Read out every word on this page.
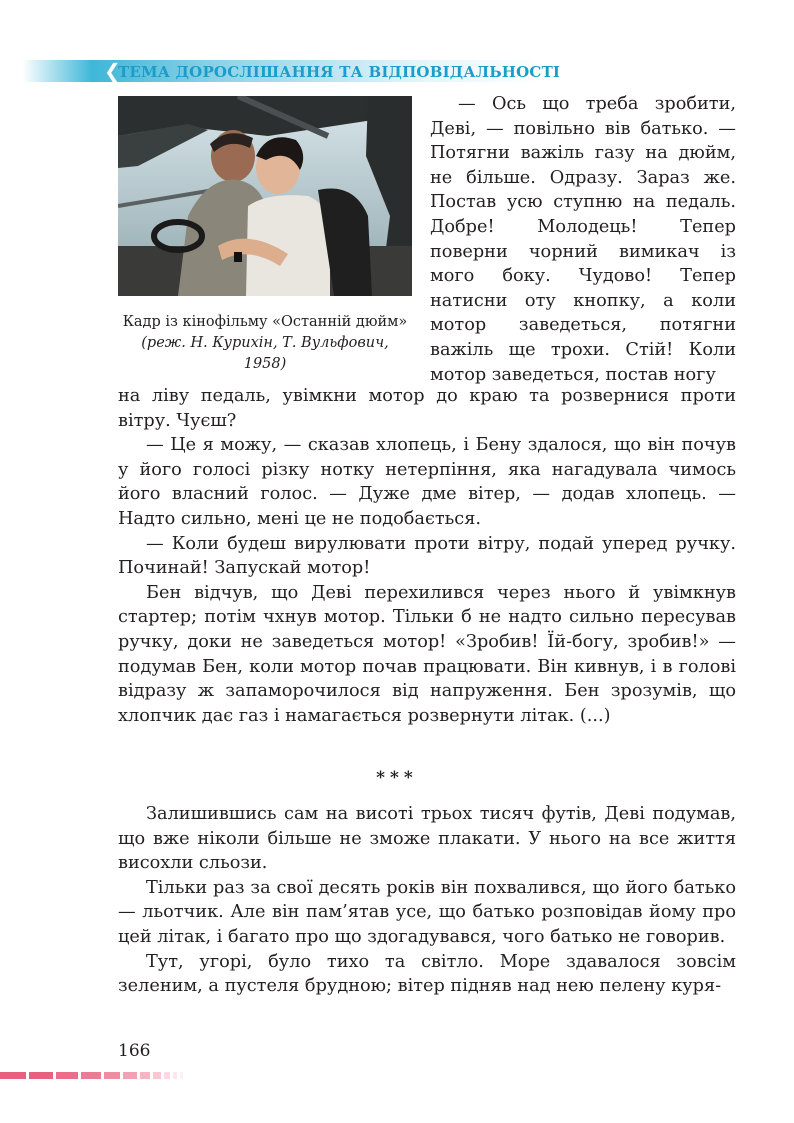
❮
ТЕМА ДОРОСЛІШАННЯ ТА ВІДПОВІДАЛЬНОСТІ
Кадр із кінофільму «Останній дюйм» (реж. Н. Курихін, Т. Вульфович, 1958)

— Ось що треба зробити, Деві, — повільно вів батько. — Потягни важіль газу на дюйм, не більше. Одразу. Зараз же. Постав усю ступню на педаль. Добре! Молодець! Тепер поверни чорний вимикач із мого боку. Чудово! Тепер натисни оту кнопку, а коли мотор заведеться, потягни важіль ще трохи. Стій! Коли мотор заведеться, постав ногу

на ліву педаль, увімкни мотор до краю та розвернися проти вітру. Чуєш?

— Це я можу, — сказав хлопець, і Бену здалося, що він почув у його голосі різку нотку нетерпіння, яка нагадувала чимось його власний голос. — Дуже дме вітер, — додав хлопець. — Надто сильно, мені це не подобається.

— Коли будеш вирулювати проти вітру, подай уперед ручку. Починай! Запускай мотор!

Бен відчув, що Деві перехилився через нього й увімкнув стартер; потім чхнув мотор. Тільки б не надто сильно пересував ручку, доки не заведеться мотор! «Зробив! Їй-богу, зробив!» — подумав Бен, коли мотор почав працювати. Він кивнув, і в голові відразу ж запаморочилося від напруження. Бен зрозумів, що хлопчик дає газ і намагається розвернути літак. (...)

***

Залишившись сам на висоті трьох тисяч футів, Деві подумав, що вже ніколи більше не зможе плакати. У нього на все життя висохли сльози.

Тільки раз за свої десять років він похвалився, що його батько — льотчик. Але він пам’ятав усе, що батько розповідав йому про цей літак, і багато про що здогадувався, чого батько не говорив.

Тут, угорі, було тихо та світло. Море здавалося зовсім зеленим, а пустеля брудною; вітер підняв над нею пелену куря-

166
